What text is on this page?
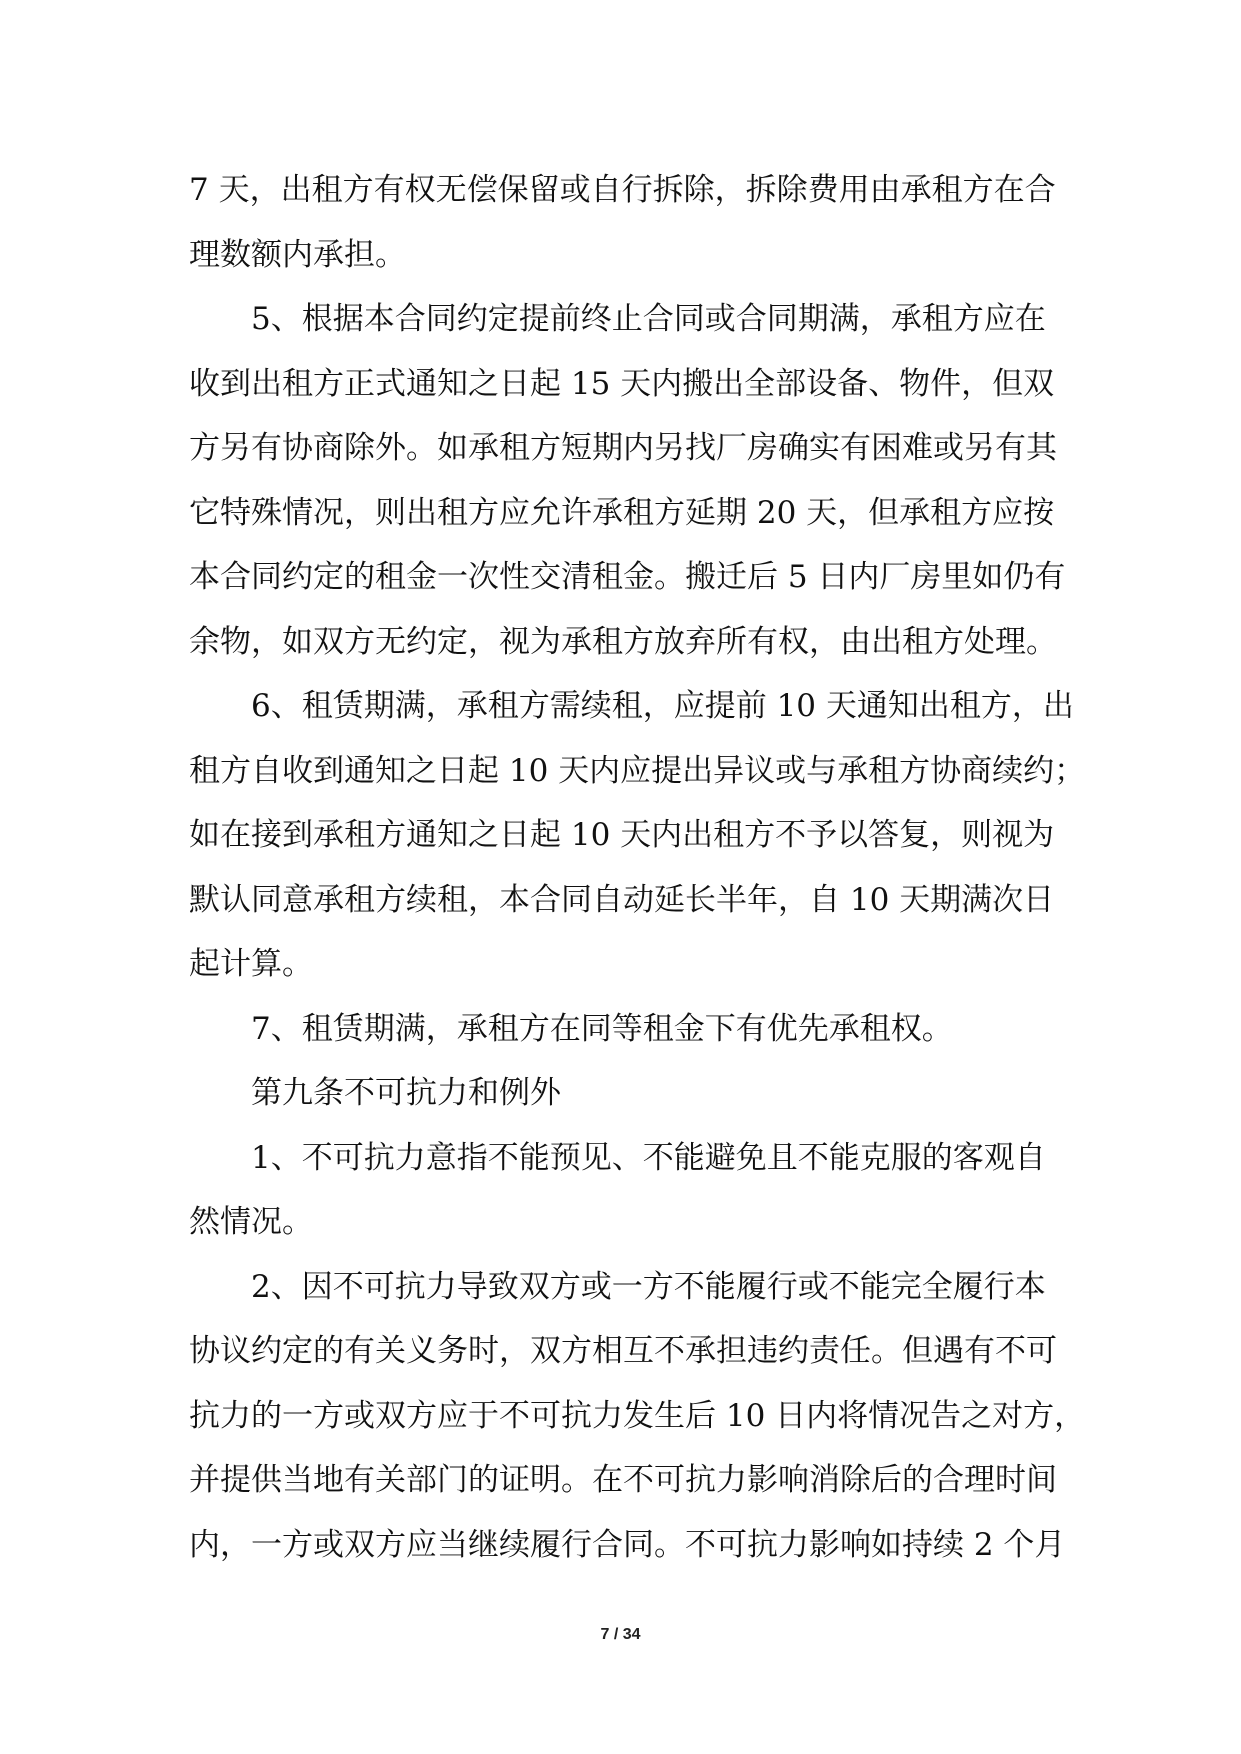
7 天，出租方有权无偿保留或自行拆除，拆除费用由承租方在合
理数额内承担。
5、根据本合同约定提前终止合同或合同期满，承租方应在
收到出租方正式通知之日起 15 天内搬出全部设备、物件，但双
方另有协商除外。如承租方短期内另找厂房确实有困难或另有其
它特殊情况，则出租方应允许承租方延期 20 天，但承租方应按
本合同约定的租金一次性交清租金。搬迁后 5 日内厂房里如仍有
余物，如双方无约定，视为承租方放弃所有权，由出租方处理。
6、租赁期满，承租方需续租，应提前 10 天通知出租方，出
租方自收到通知之日起 10 天内应提出异议或与承租方协商续约；
如在接到承租方通知之日起 10 天内出租方不予以答复，则视为
默认同意承租方续租，本合同自动延长半年，自 10 天期满次日
起计算。
7、租赁期满，承租方在同等租金下有优先承租权。
第九条不可抗力和例外
1、不可抗力意指不能预见、不能避免且不能克服的客观自
然情况。
2、因不可抗力导致双方或一方不能履行或不能完全履行本
协议约定的有关义务时，双方相互不承担违约责任。但遇有不可
抗力的一方或双方应于不可抗力发生后 10 日内将情况告之对方，
并提供当地有关部门的证明。在不可抗力影响消除后的合理时间
内，一方或双方应当继续履行合同。不可抗力影响如持续 2 个月
7 / 34
